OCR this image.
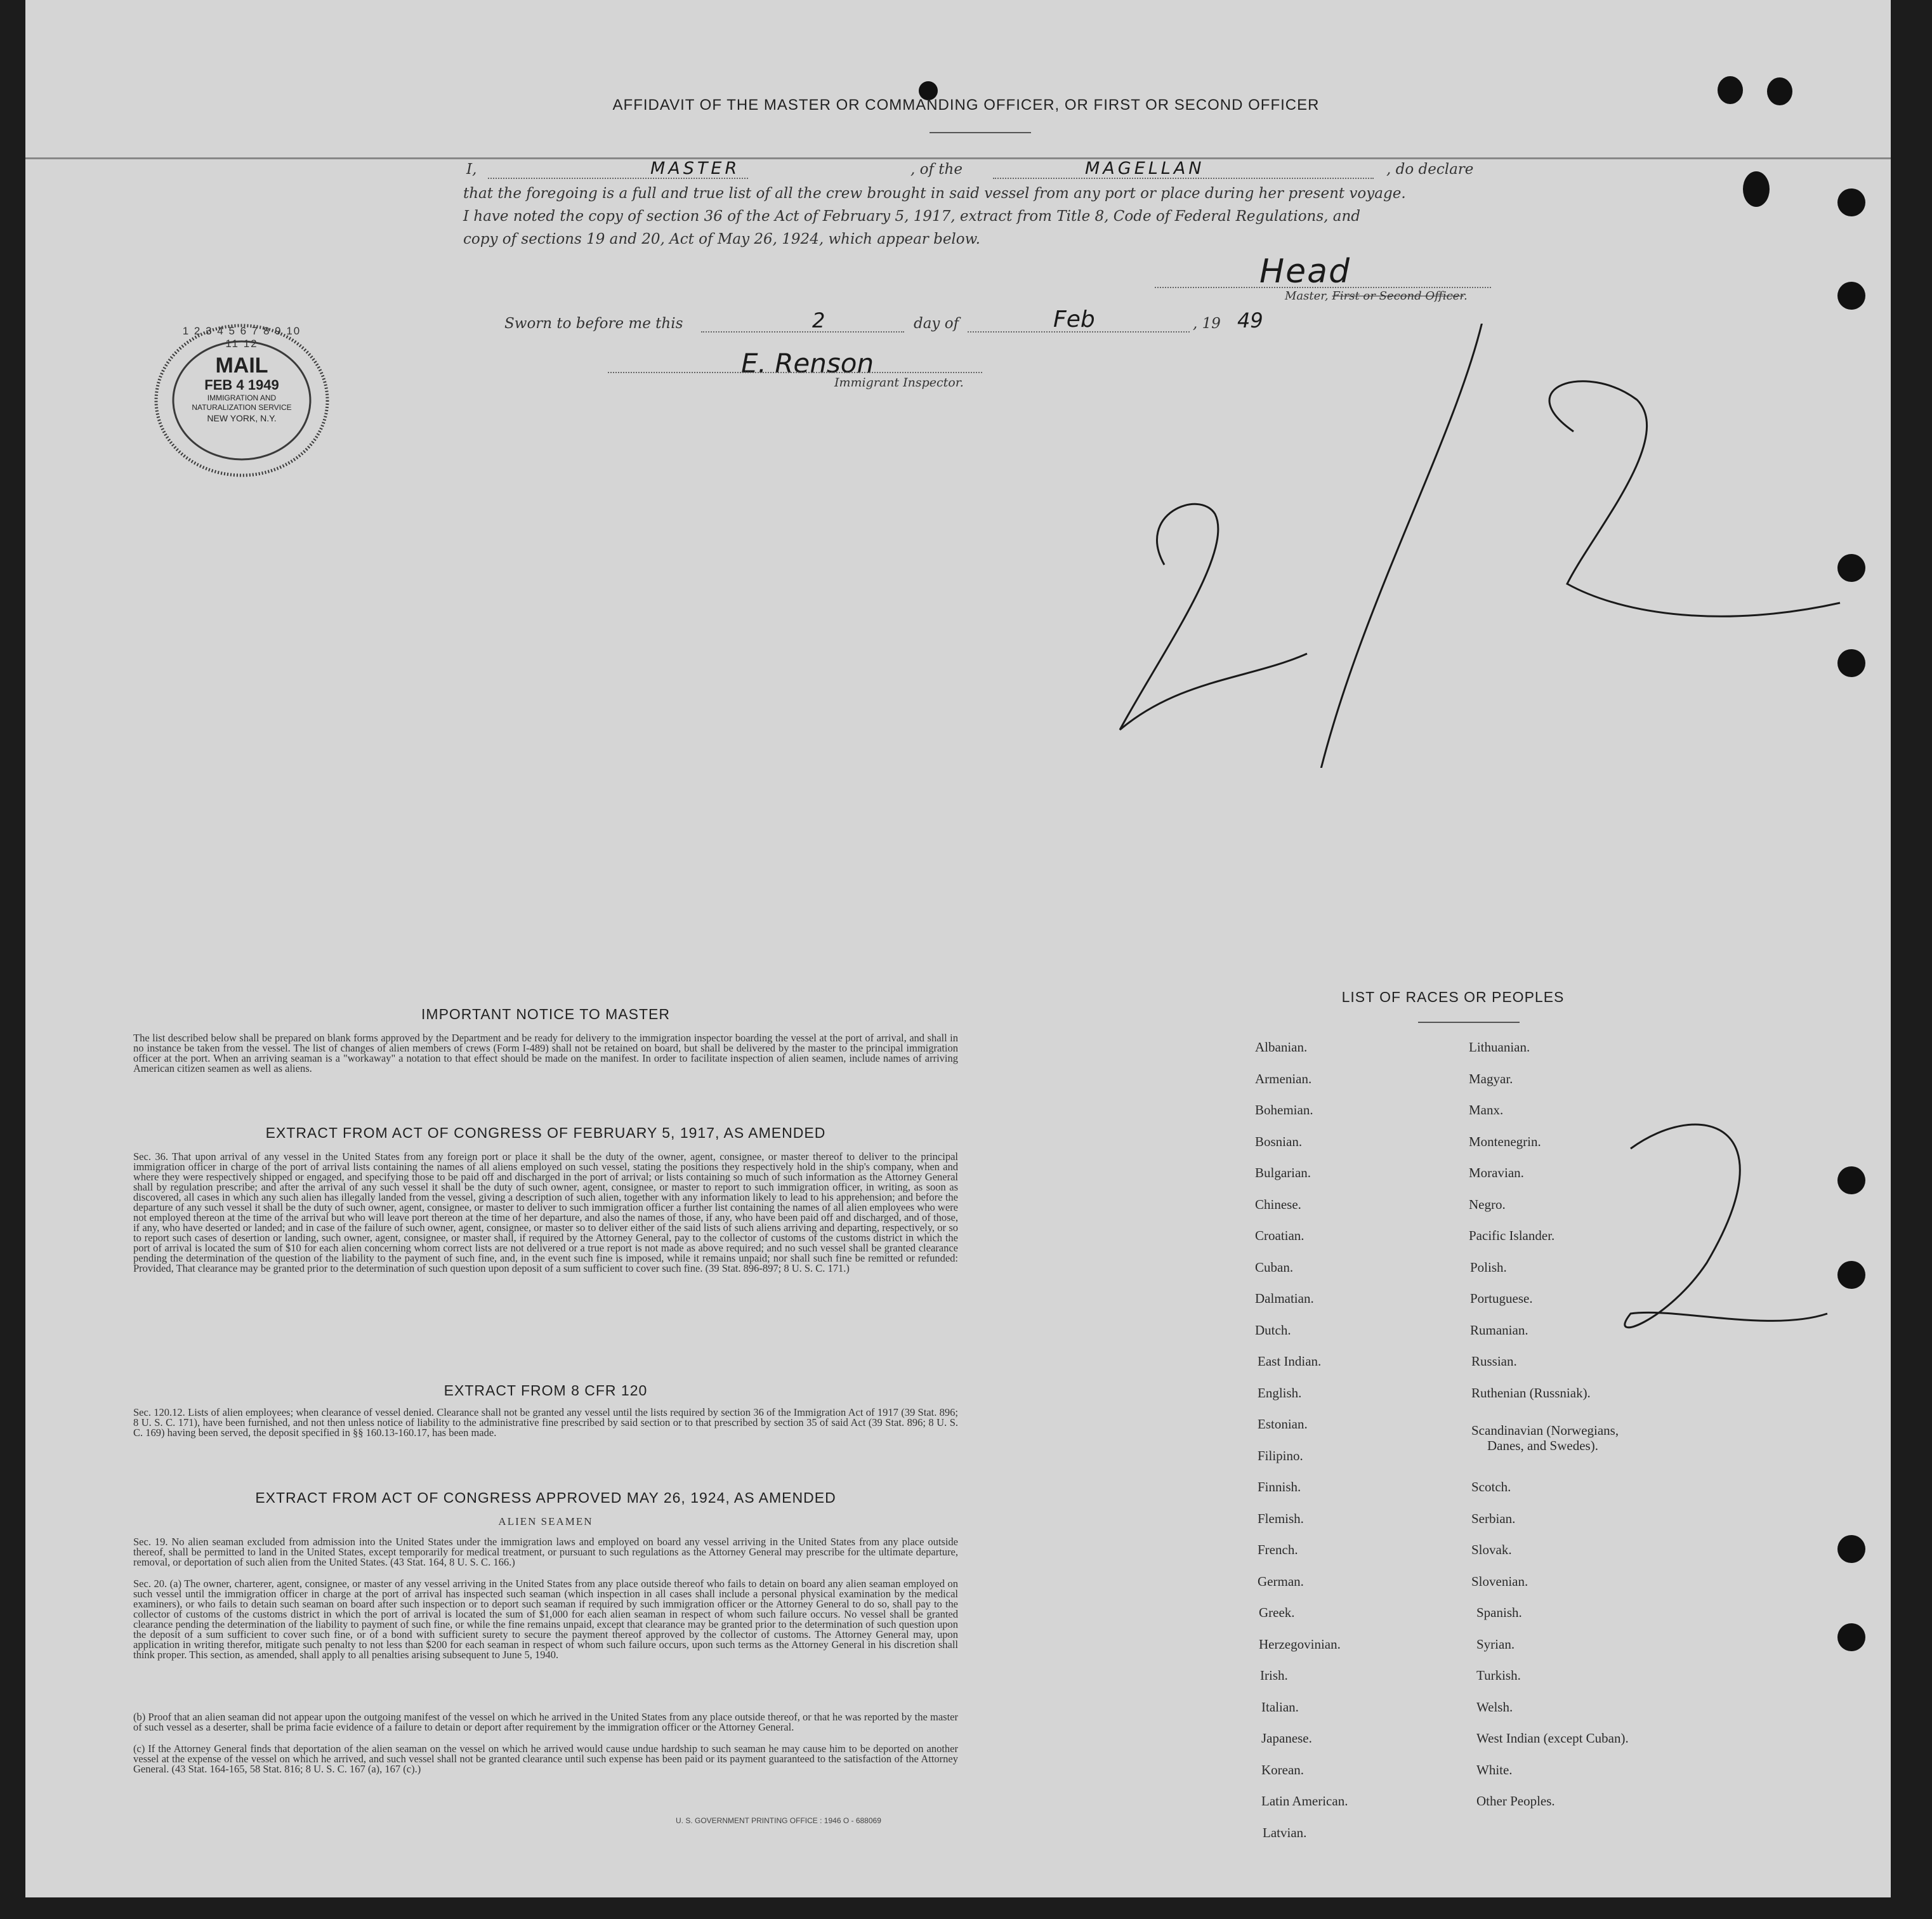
AFFIDAVIT OF THE MASTER OR COMMANDING OFFICER, OR FIRST OR SECOND OFFICER
I,	MASTER	, of the	MAGELLAN	, do declare
that the foregoing is a full and true list of all the crew brought in said vessel from any port or place during her present voyage.
I have noted the copy of section 36 of the Act of February 5, 1917, extract from Title 8, Code of Federal Regulations, and
copy of sections 19 and 20, Act of May 26, 1924, which appear below.
Head
Master, First or Second Officer.
Sworn to before me this	2	day of	Feb	, 19 49
E. Renson
Immigrant Inspector.
1 2 3 4 5 6 7 8 9 10 11 12
MAIL
FEB 4 1949
IMMIGRATION AND NATURALIZATION SERVICE
NEW YORK, N.Y.
IMPORTANT NOTICE TO MASTER

The list described below shall be prepared on blank forms approved by the Department and be ready for delivery to the immigration inspector boarding the vessel at the port of arrival, and shall in no instance be taken from the vessel. The list of changes of alien members of crews (Form I-489) shall not be retained on board, but shall be delivered by the master to the principal immigration officer at the port. When an arriving seaman is a "workaway" a notation to that effect should be made on the manifest. In order to facilitate inspection of alien seamen, include names of arriving American citizen seamen as well as aliens.

EXTRACT FROM ACT OF CONGRESS OF FEBRUARY 5, 1917, AS AMENDED

Sec. 36. That upon arrival of any vessel in the United States from any foreign port or place it shall be the duty of the owner, agent, consignee, or master thereof to deliver to the principal immigration officer in charge of the port of arrival lists containing the names of all aliens employed on such vessel, stating the positions they respectively hold in the ship's company, when and where they were respectively shipped or engaged, and specifying those to be paid off and discharged in the port of arrival; or lists containing so much of such information as the Attorney General shall by regulation prescribe; and after the arrival of any such vessel it shall be the duty of such owner, agent, consignee, or master to report to such immigration officer, in writing, as soon as discovered, all cases in which any such alien has illegally landed from the vessel, giving a description of such alien, together with any information likely to lead to his apprehension; and before the departure of any such vessel it shall be the duty of such owner, agent, consignee, or master to deliver to such immigration officer a further list containing the names of all alien employees who were not employed thereon at the time of the arrival but who will leave port thereon at the time of her departure, and also the names of those, if any, who have been paid off and discharged, and of those, if any, who have deserted or landed; and in case of the failure of such owner, agent, consignee, or master so to deliver either of the said lists of such aliens arriving and departing, respectively, or so to report such cases of desertion or landing, such owner, agent, consignee, or master shall, if required by the Attorney General, pay to the collector of customs of the customs district in which the port of arrival is located the sum of $10 for each alien concerning whom correct lists are not delivered or a true report is not made as above required; and no such vessel shall be granted clearance pending the determination of the question of the liability to the payment of such fine, and, in the event such fine is imposed, while it remains unpaid; nor shall such fine be remitted or refunded: Provided, That clearance may be granted prior to the determination of such question upon deposit of a sum sufficient to cover such fine. (39 Stat. 896-897; 8 U. S. C. 171.)

EXTRACT FROM 8 CFR 120

Sec. 120.12. Lists of alien employees; when clearance of vessel denied. Clearance shall not be granted any vessel until the lists required by section 36 of the Immigration Act of 1917 (39 Stat. 896; 8 U. S. C. 171), have been furnished, and not then unless notice of liability to the administrative fine prescribed by said section or to that prescribed by section 35 of said Act (39 Stat. 896; 8 U. S. C. 169) having been served, the deposit specified in §§ 160.13-160.17, has been made.

EXTRACT FROM ACT OF CONGRESS APPROVED MAY 26, 1924, AS AMENDED
ALIEN SEAMEN

Sec. 19. No alien seaman excluded from admission into the United States under the immigration laws and employed on board any vessel arriving in the United States from any place outside thereof, shall be permitted to land in the United States, except temporarily for medical treatment, or pursuant to such regulations as the Attorney General may prescribe for the ultimate departure, removal, or deportation of such alien from the United States. (43 Stat. 164, 8 U. S. C. 166.)

Sec. 20. (a) The owner, charterer, agent, consignee, or master of any vessel arriving in the United States from any place outside thereof who fails to detain on board any alien seaman employed on such vessel until the immigration officer in charge at the port of arrival has inspected such seaman (which inspection in all cases shall include a personal physical examination by the medical examiners), or who fails to detain such seaman on board after such inspection or to deport such seaman if required by such immigration officer or the Attorney General to do so, shall pay to the collector of customs of the customs district in which the port of arrival is located the sum of $1,000 for each alien seaman in respect of whom such failure occurs. No vessel shall be granted clearance pending the determination of the liability to payment of such fine, or while the fine remains unpaid, except that clearance may be granted prior to the determination of such question upon the deposit of a sum sufficient to cover such fine, or of a bond with sufficient surety to secure the payment thereof approved by the collector of customs. The Attorney General may, upon application in writing therefor, mitigate such penalty to not less than $200 for each seaman in respect of whom such failure occurs, upon such terms as the Attorney General in his discretion shall think proper. This section, as amended, shall apply to all penalties arising subsequent to June 5, 1940.

(b) Proof that an alien seaman did not appear upon the outgoing manifest of the vessel on which he arrived in the United States from any place outside thereof, or that he was reported by the master of such vessel as a deserter, shall be prima facie evidence of a failure to detain or deport after requirement by the immigration officer or the Attorney General.

(c) If the Attorney General finds that deportation of the alien seaman on the vessel on which he arrived would cause undue hardship to such seaman he may cause him to be deported on another vessel at the expense of the vessel on which he arrived, and such vessel shall not be granted clearance until such expense has been paid or its payment guaranteed to the satisfaction of the Attorney General. (43 Stat. 164-165, 58 Stat. 816; 8 U. S. C. 167 (a), 167 (c).)

U. S. GOVERNMENT PRINTING OFFICE : 1946 O - 688069
LIST OF RACES OR PEOPLES
Albanian.
Armenian.
Bohemian.
Bosnian.
Bulgarian.
Chinese.
Croatian.
Cuban.
Dalmatian.
Dutch.
East Indian.
English.
Estonian.
Filipino.
Finnish.
Flemish.
French.
German.
Greek.
Herzegovinian.
Irish.
Italian.
Japanese.
Korean.
Latin American.
Latvian.
Lithuanian.
Magyar.
Manx.
Montenegrin.
Moravian.
Negro.
Pacific Islander.
Polish.
Portuguese.
Rumanian.
Russian.
Ruthenian (Russniak).
Scandinavian (Norwegians,
Danes, and Swedes).
Scotch.
Serbian.
Slovak.
Slovenian.
Spanish.
Syrian.
Turkish.
Welsh.
West Indian (except Cuban).
White.
Other Peoples.
